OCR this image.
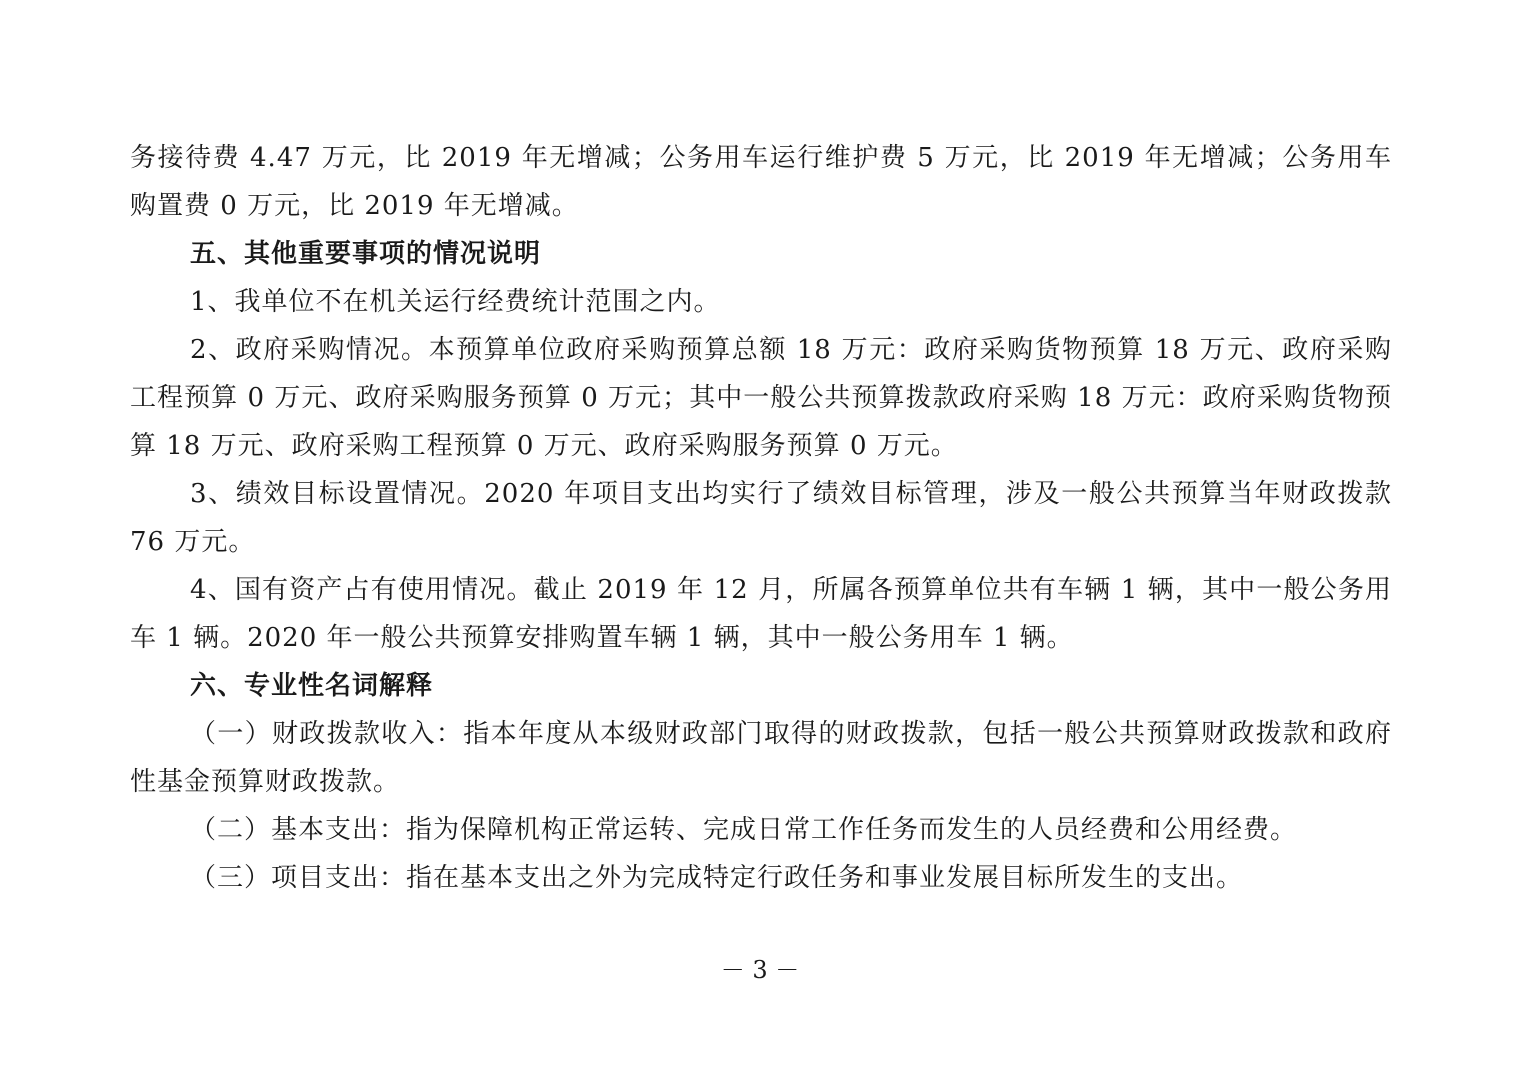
务接待费 4.47 万元，比 2019 年无增减；公务用车运行维护费 5 万元，比 2019 年无增减；公务用车购置费 0 万元，比 2019 年无增减。

五、其他重要事项的情况说明

1、我单位不在机关运行经费统计范围之内。

2、政府采购情况。本预算单位政府采购预算总额 18 万元：政府采购货物预算 18 万元、政府采购工程预算 0 万元、政府采购服务预算 0 万元；其中一般公共预算拨款政府采购 18 万元：政府采购货物预算 18 万元、政府采购工程预算 0 万元、政府采购服务预算 0 万元。

3、绩效目标设置情况。2020 年项目支出均实行了绩效目标管理，涉及一般公共预算当年财政拨款 76 万元。

4、国有资产占有使用情况。截止 2019 年 12 月，所属各预算单位共有车辆 1 辆，其中一般公务用车 1 辆。2020 年一般公共预算安排购置车辆 1 辆，其中一般公务用车 1 辆。

六、专业性名词解释

（一）财政拨款收入：指本年度从本级财政部门取得的财政拨款，包括一般公共预算财政拨款和政府性基金预算财政拨款。

（二）基本支出：指为保障机构正常运转、完成日常工作任务而发生的人员经费和公用经费。

（三）项目支出：指在基本支出之外为完成特定行政任务和事业发展目标所发生的支出。

－ 3 －
